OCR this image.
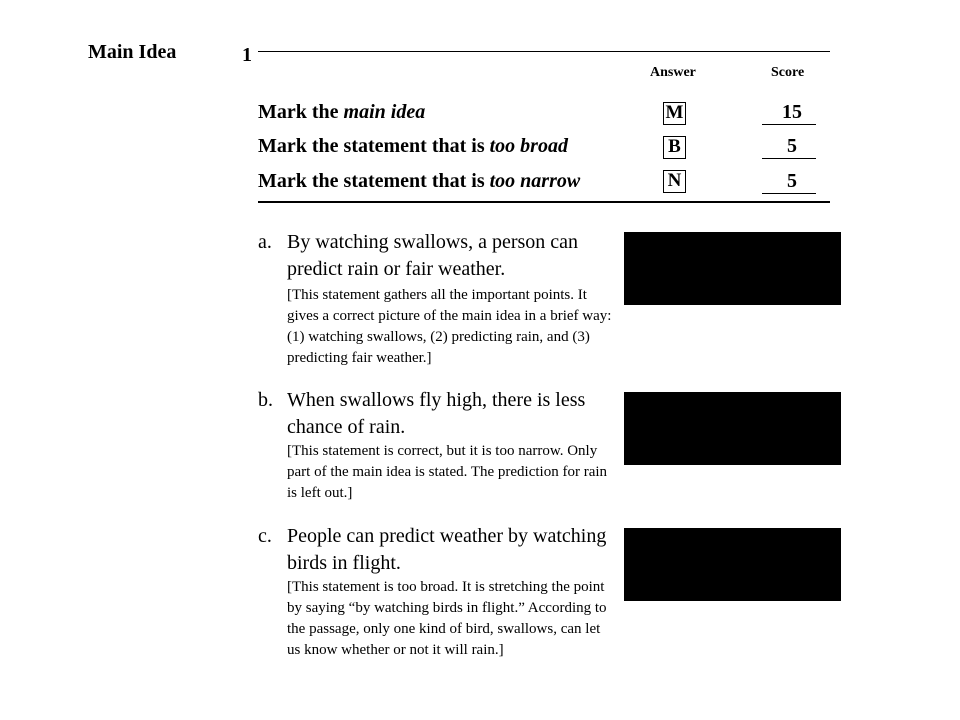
Main Idea	1
Answer	Score
Mark the main idea	M	15
Mark the statement that is too broad	B	5
Mark the statement that is too narrow	N	5
a. By watching swallows, a person can predict rain or fair weather.
[This statement gathers all the important points. It gives a correct picture of the main idea in a brief way: (1) watching swallows, (2) predicting rain, and (3) predicting fair weather.]
b. When swallows fly high, there is less chance of rain.
[This statement is correct, but it is too narrow. Only part of the main idea is stated. The prediction for rain is left out.]
c. People can predict weather by watching birds in flight.
[This statement is too broad. It is stretching the point by saying “by watching birds in flight.” According to the passage, only one kind of bird, swallows, can let us know whether or not it will rain.]
